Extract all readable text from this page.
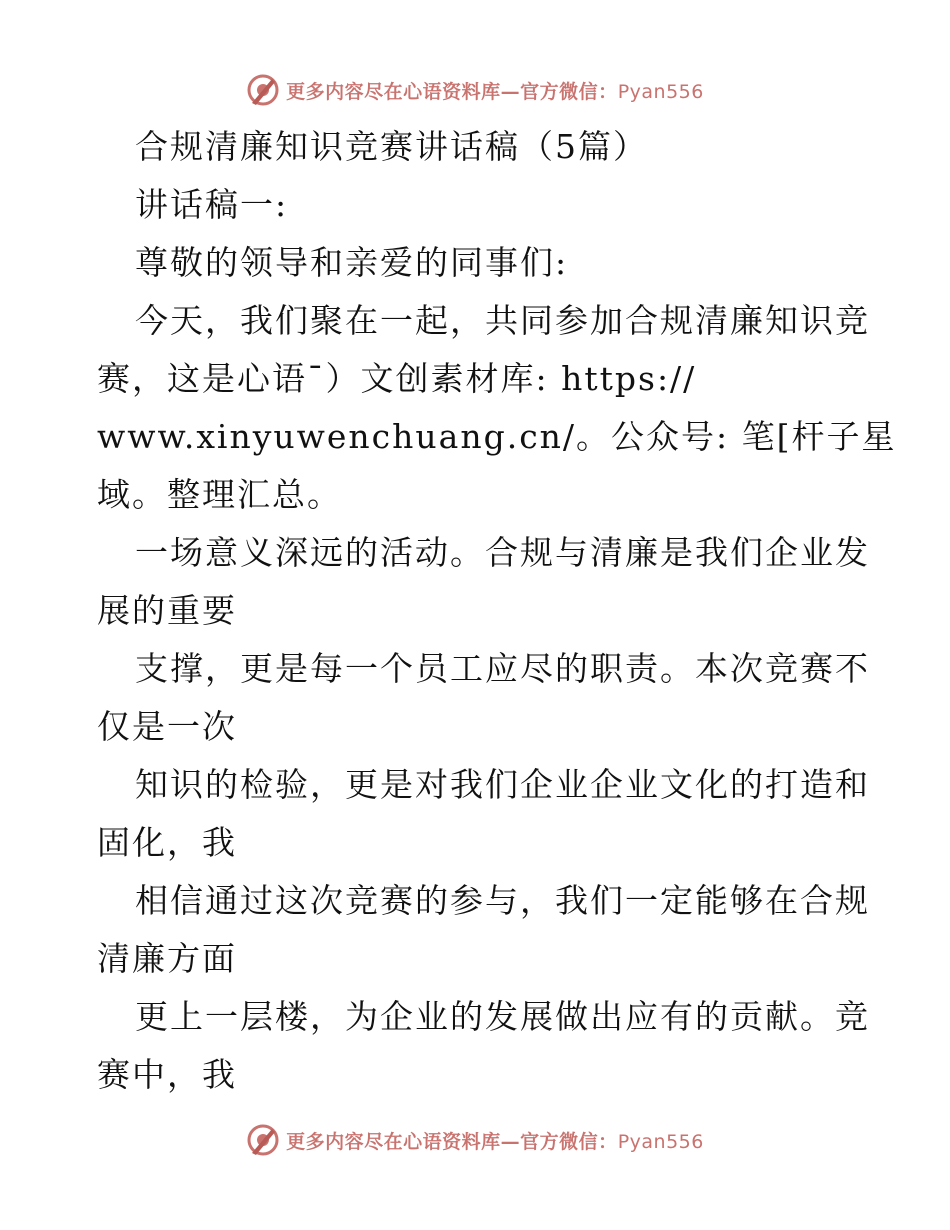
更多内容尽在心语资料库—官方微信：Pyan556
合规清廉知识竞赛讲话稿（5篇）
讲话稿一:
尊敬的领导和亲爱的同事们:
今天，我们聚在一起，共同参加合规清廉知识竞
赛，这是心语¯）文创素材库: https://
www.xinyuwenchuang.cn/。公众号: 笔[杆子星
域。整理汇总。
一场意义深远的活动。合规与清廉是我们企业发
展的重要
支撑，更是每一个员工应尽的职责。本次竞赛不
仅是一次
知识的检验，更是对我们企业企业文化的打造和
固化，我
相信通过这次竞赛的参与，我们一定能够在合规
清廉方面
更上一层楼，为企业的发展做出应有的贡献。竞
赛中，我
更多内容尽在心语资料库—官方微信：Pyan556
